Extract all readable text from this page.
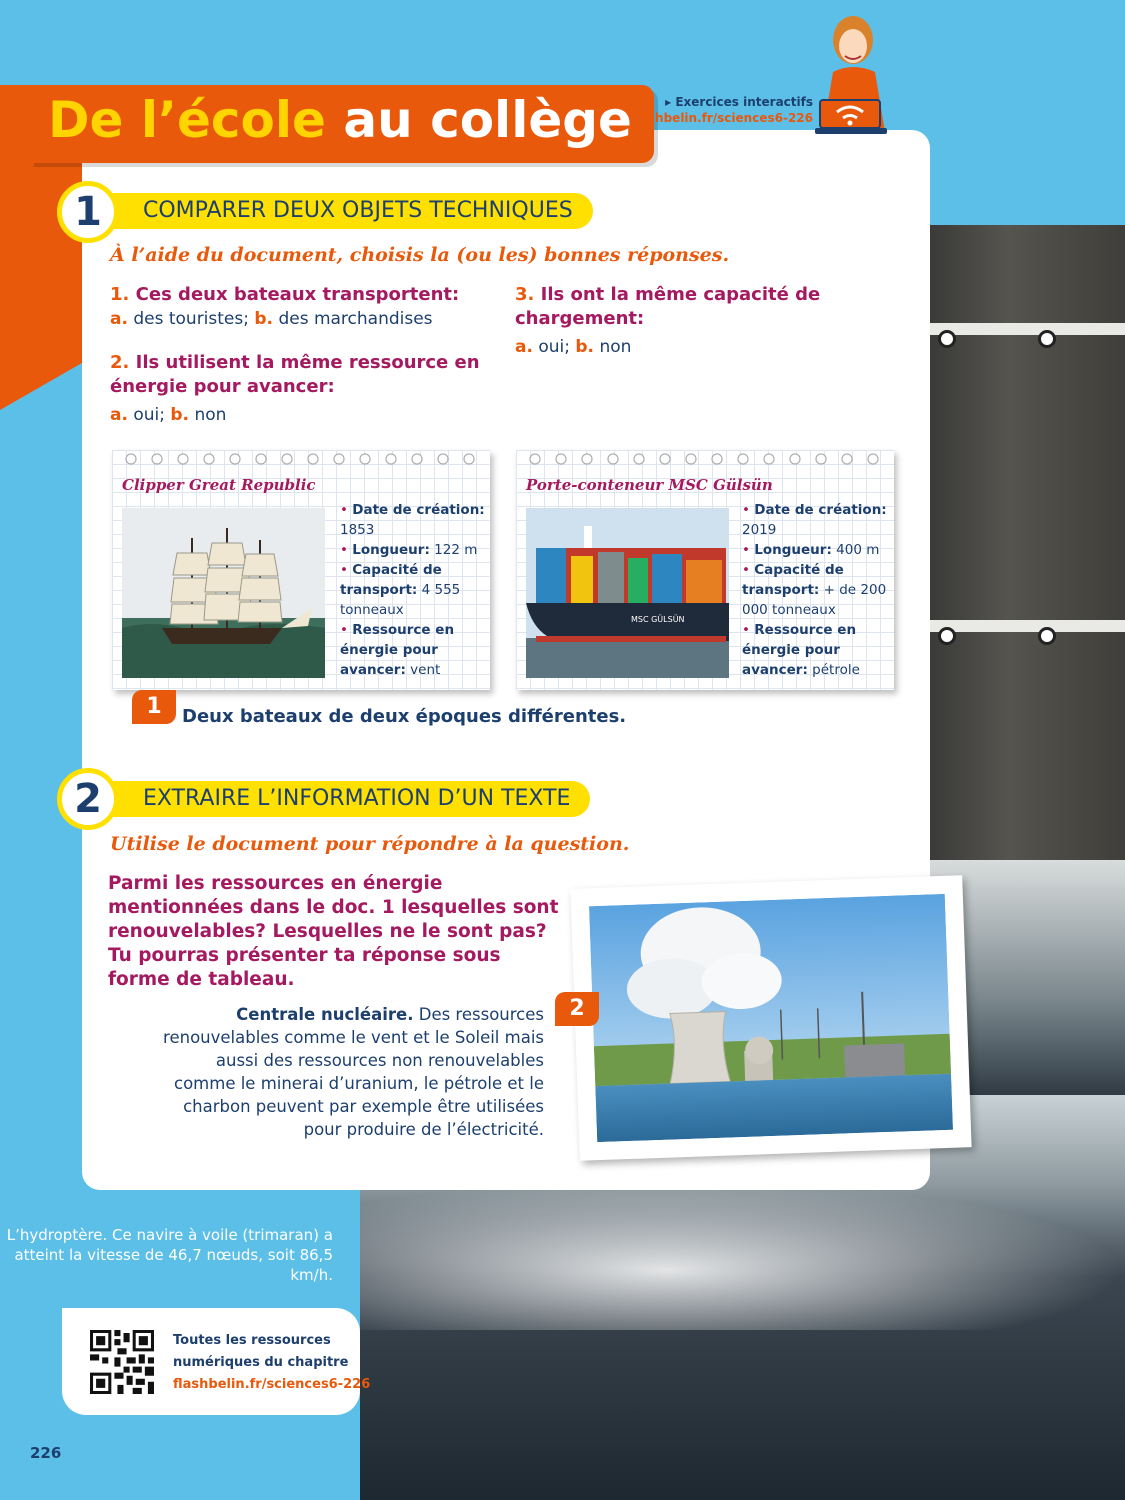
De l’école au collège	▸ Exercices interactifs
flashbelin.fr/sciences6-226
COMPARER DEUX OBJETS TECHNIQUES
1
À l’aide du document, choisis la (ou les) bonnes réponses.
1. Ces deux bateaux transportent:
a. des touristes; b. des marchandises
2. Ils utilisent la même ressource en énergie pour avancer:
a. oui; b. non
3. Ils ont la même capacité de chargement:
a. oui; b. non
Clipper Great Republic
• Date de création: 1853
• Longueur: 122 m
• Capacité de transport: 4 555 tonneaux
• Ressource en énergie pour avancer: vent
Porte-conteneur MSC Gülsün
MSC GÜLSÜN
• Date de création: 2019
• Longueur: 400 m
• Capacité de transport: + de 200 000 tonneaux
• Ressource en énergie pour avancer: pétrole
1	Deux bateaux de deux époques différentes.
EXTRAIRE L’INFORMATION D’UN TEXTE
2
Utilise le document pour répondre à la question.
Parmi les ressources en énergie mentionnées dans le doc. 1 lesquelles sont renouvelables? Lesquelles ne le sont pas? Tu pourras présenter ta réponse sous forme de tableau.
Centrale nucléaire. Des ressources renouvelables comme le vent et le Soleil mais aussi des ressources non renouvelables comme le minerai d’uranium, le pétrole et le charbon peuvent par exemple être utilisées pour produire de l’électricité.
2
L’hydroptère. Ce navire à voile (trimaran) a atteint la vitesse de 46,7 nœuds, soit 86,5 km/h.
Toutes les ressources
numériques du chapitre
flashbelin.fr/sciences6-226
226
